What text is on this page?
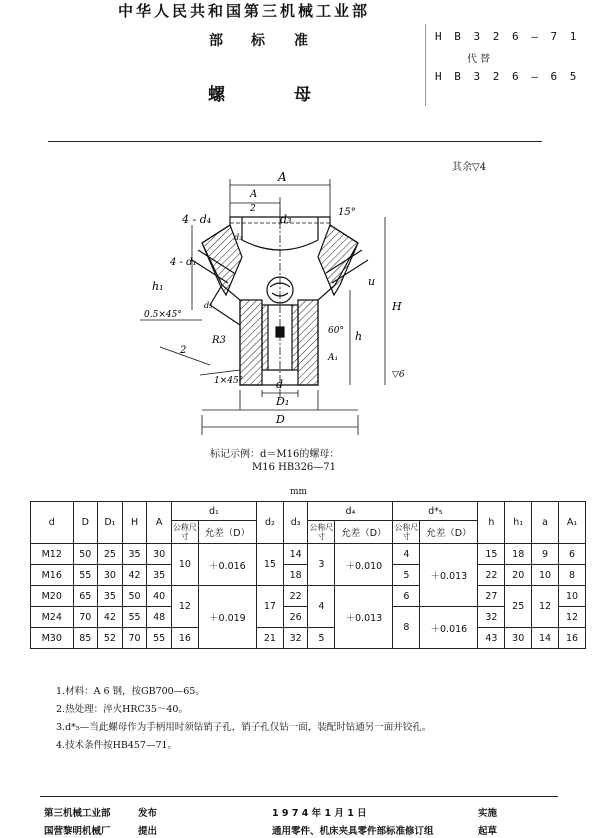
中华人民共和国第三机械工业部
部 标 准
螺	母
H B 3 2 6 — 7 1
代 替
H B 3 2 6 — 6 5
其余▽4
A
A
2
4 - d₄	d₃
15°
d₂
4 - d₁
h₁
0.5×45°
d₅
R3
2
H
h
u
60°
A₁
1×45°	d
D₁
D
▽6
标记示例：d＝M16的螺母：
M16 HB326—71
mm
d	D	D₁	H	A	d₁		d₂	d₃	d₄		d*₅		h	h₁	a	A₁
					公称尺寸	允差（D）			公称尺寸	允差（D）	公称尺寸	允差（D）				
M12	50	25	35	30	10	＋0.016	15	14	3	＋0.010	4	＋0.013	15	18	9	6
M16	55	30	42	35				18			5		22	20	10	8
M20	65	35	50	40	12	＋0.019	17	22	4	＋0.013	6		27	25	12	10
M24	70	42	55	48				26			8	＋0.016	32			12
M30	85	52	70	55	16		21	32	5				43	30	14	16
1.材料：A 6 钢，按GB700—65。
2.热处理：淬火HRC35～40。
3.d*₅—当此螺母作为手柄用时须钻销子孔，销子孔仅钻一面，装配时钻通另一面并铰孔。
4.技术条件按HB457—71。
第三机械工业部	发布
国营黎明机械厂	提出
1 9 7 4 年 1 月 1 日	实施
通用零件、机床夹具零件部标准修订组	起草
